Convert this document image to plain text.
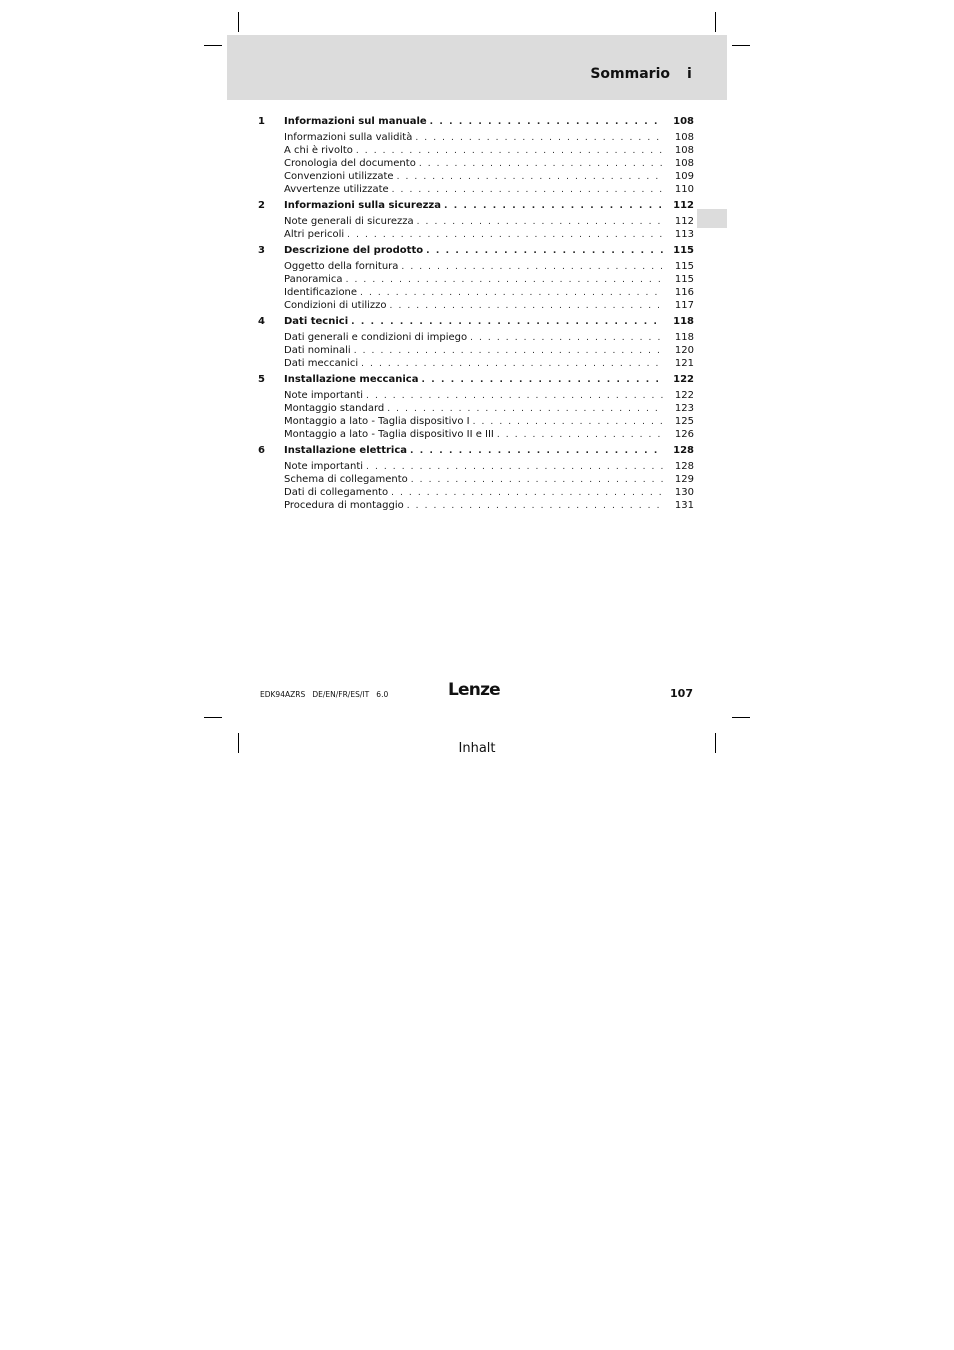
Sommario i
1	Informazioni sul manuale . . .	108
Informazioni sulla validità . . .	108
A chi è rivolto . . .	108
Cronologia del documento . . .	108
Convenzioni utilizzate . . .	109
Avvertenze utilizzate . . .	110
2	Informazioni sulla sicurezza . . .	112
Note generali di sicurezza . . .	112
Altri pericoli . . .	113
3	Descrizione del prodotto . . .	115
Oggetto della fornitura . . .	115
Panoramica . . .	115
Identificazione . . .	116
Condizioni di utilizzo . . .	117
4	Dati tecnici . . .	118
Dati generali e condizioni di impiego . . .	118
Dati nominali . . .	120
Dati meccanici . . .	121
5	Installazione meccanica . . .	122
Note importanti . . .	122
Montaggio standard . . .	123
Montaggio a lato - Taglia dispositivo I . . .	125
Montaggio a lato - Taglia dispositivo II e III . . .	126
6	Installazione elettrica . . .	128
Note importanti . . .	128
Schema di collegamento . . .	129
Dati di collegamento . . .	130
Procedura di montaggio . . .	131
EDK94AZRS   DE/EN/FR/ES/IT   6.0	Lenze	107
Inhalt
